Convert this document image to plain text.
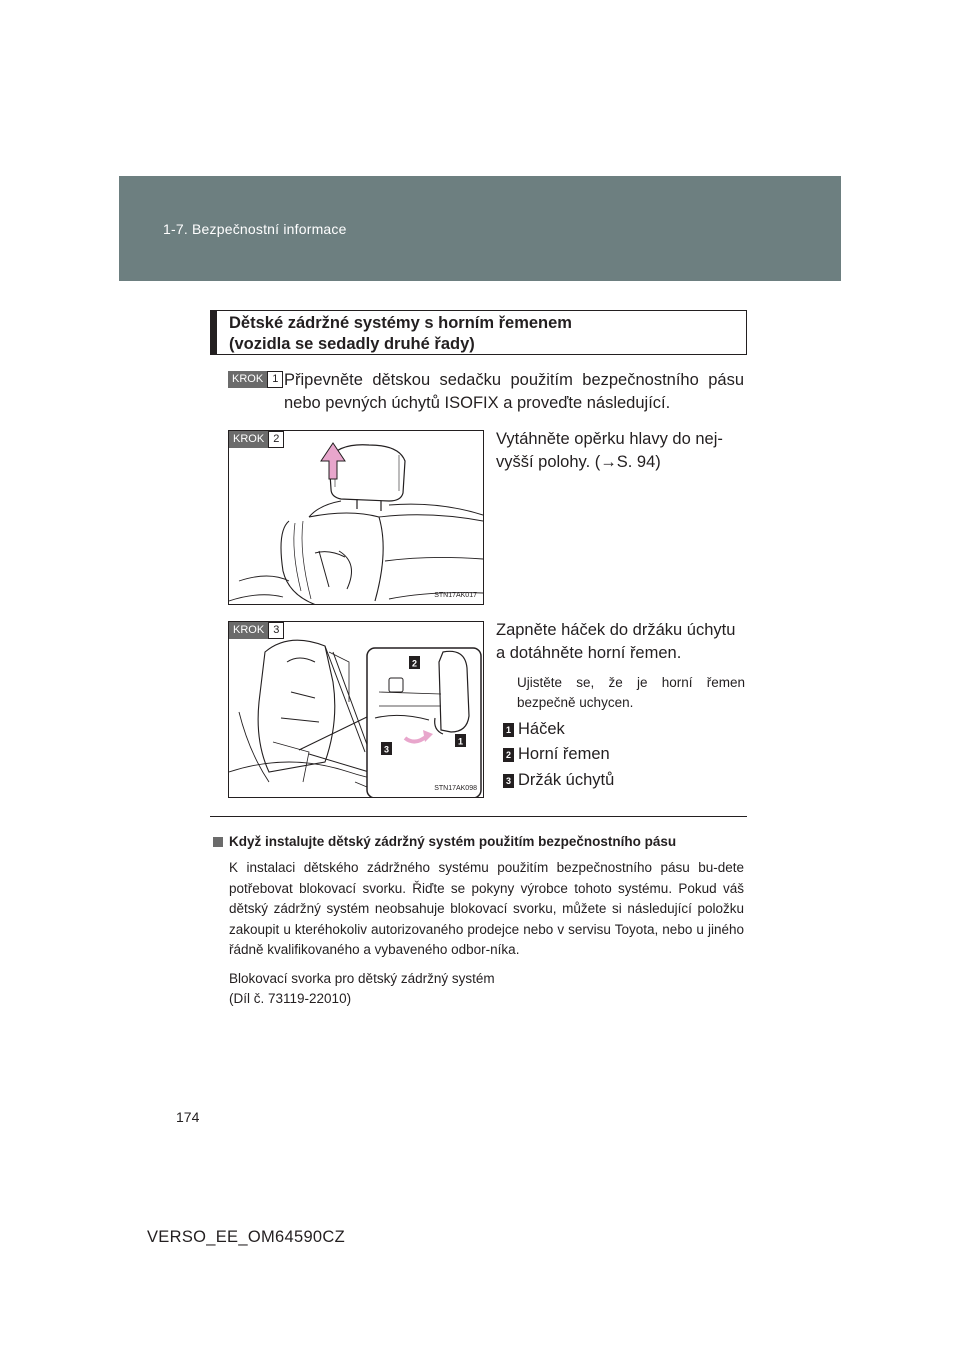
1-7. Bezpečnostní informace
Dětské zádržné systémy s horním řemenem
(vozidla se sedadly druhé řady)
KROK 1 Připevněte dětskou sedačku použitím bezpečnostního pásu nebo pevných úchytů ISOFIX a proveďte následující.
KROK 2
STN17AK017
Vytáhněte opěrku hlavy do nej-vyšší polohy. (→S. 94)
2
1
3
KROK 3
STN17AK098
Zapněte háček do držáku úchytu a dotáhněte horní řemen.
Ujistěte se, že je horní řemen bezpečně uchycen.
1 Háček
2 Horní řemen
3 Držák úchytů
Když instalujte dětský zádržný systém použitím bezpečnostního pásu

K instalaci dětského zádržného systému použitím bezpečnostního pásu bu-dete potřebovat blokovací svorku. Řiďte se pokyny výrobce tohoto systému. Pokud váš dětský zádržný systém neobsahuje blokovací svorku, můžete si následující položku zakoupit u kteréhokoliv autorizovaného prodejce nebo v servisu Toyota, nebo u jiného řádně kvalifikovaného a vybaveného odbor-níka.

Blokovací svorka pro dětský zádržný systém
(Díl č. 73119-22010)

174
VERSO_EE_OM64590CZ
